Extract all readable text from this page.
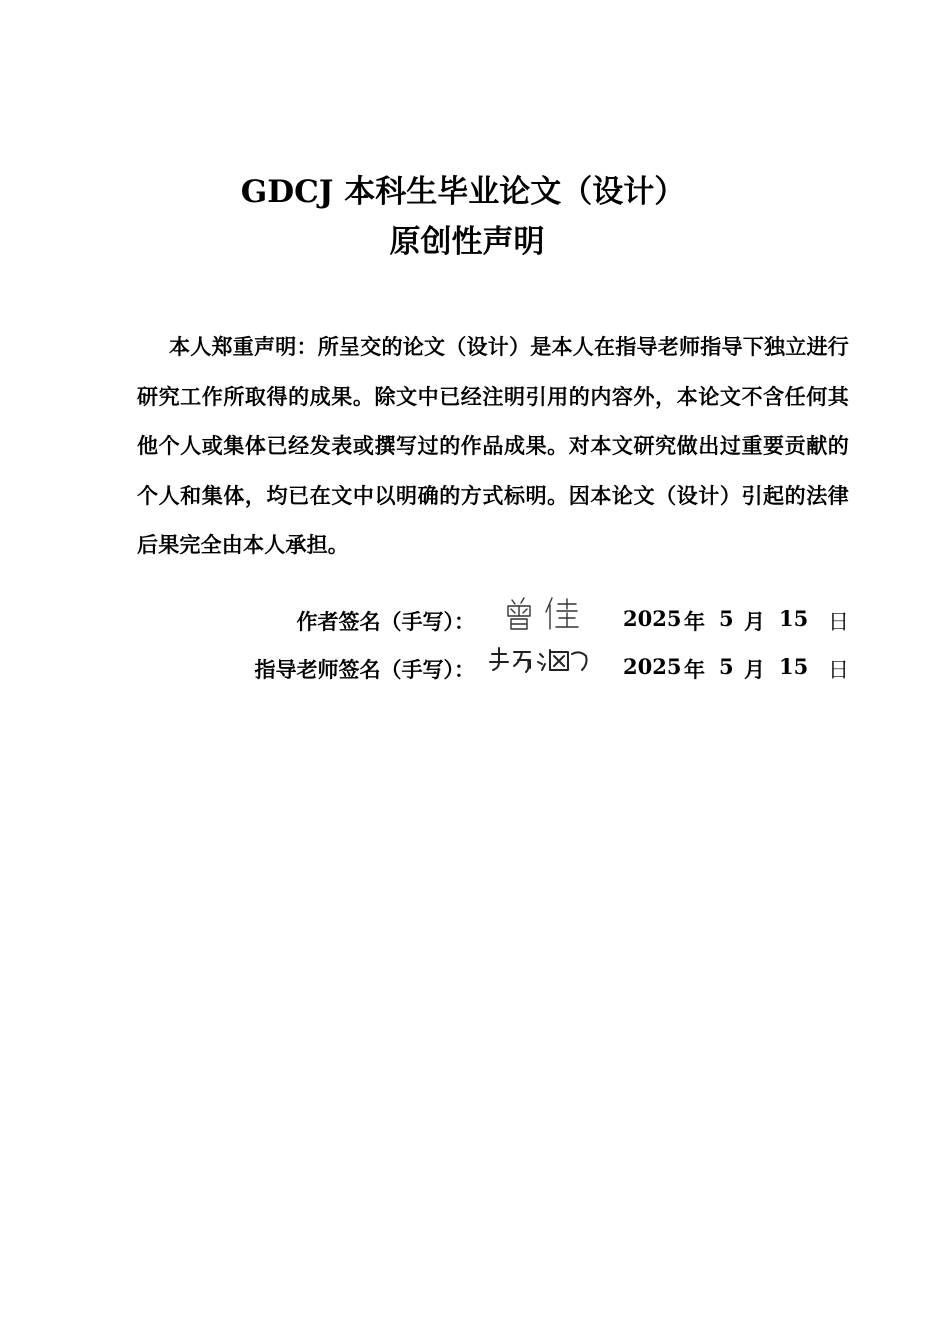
GDCJ 本科生毕业论文（设计）
原创性声明

本人郑重声明：所呈交的论文（设计）是本人在指导老师指导下独立进行研究工作所取得的成果。除文中已经注明引用的内容外，本论文不含任何其他个人或集体已经发表或撰写过的作品成果。对本文研究做出过重要贡献的个人和集体，均已在文中以明确的方式标明。因本论文（设计）引起的法律后果完全由本人承担。

作者签名（手写）：	2025 年 5 月 15 日
指导老师签名（手写）：	2025 年 5 月 15 日
